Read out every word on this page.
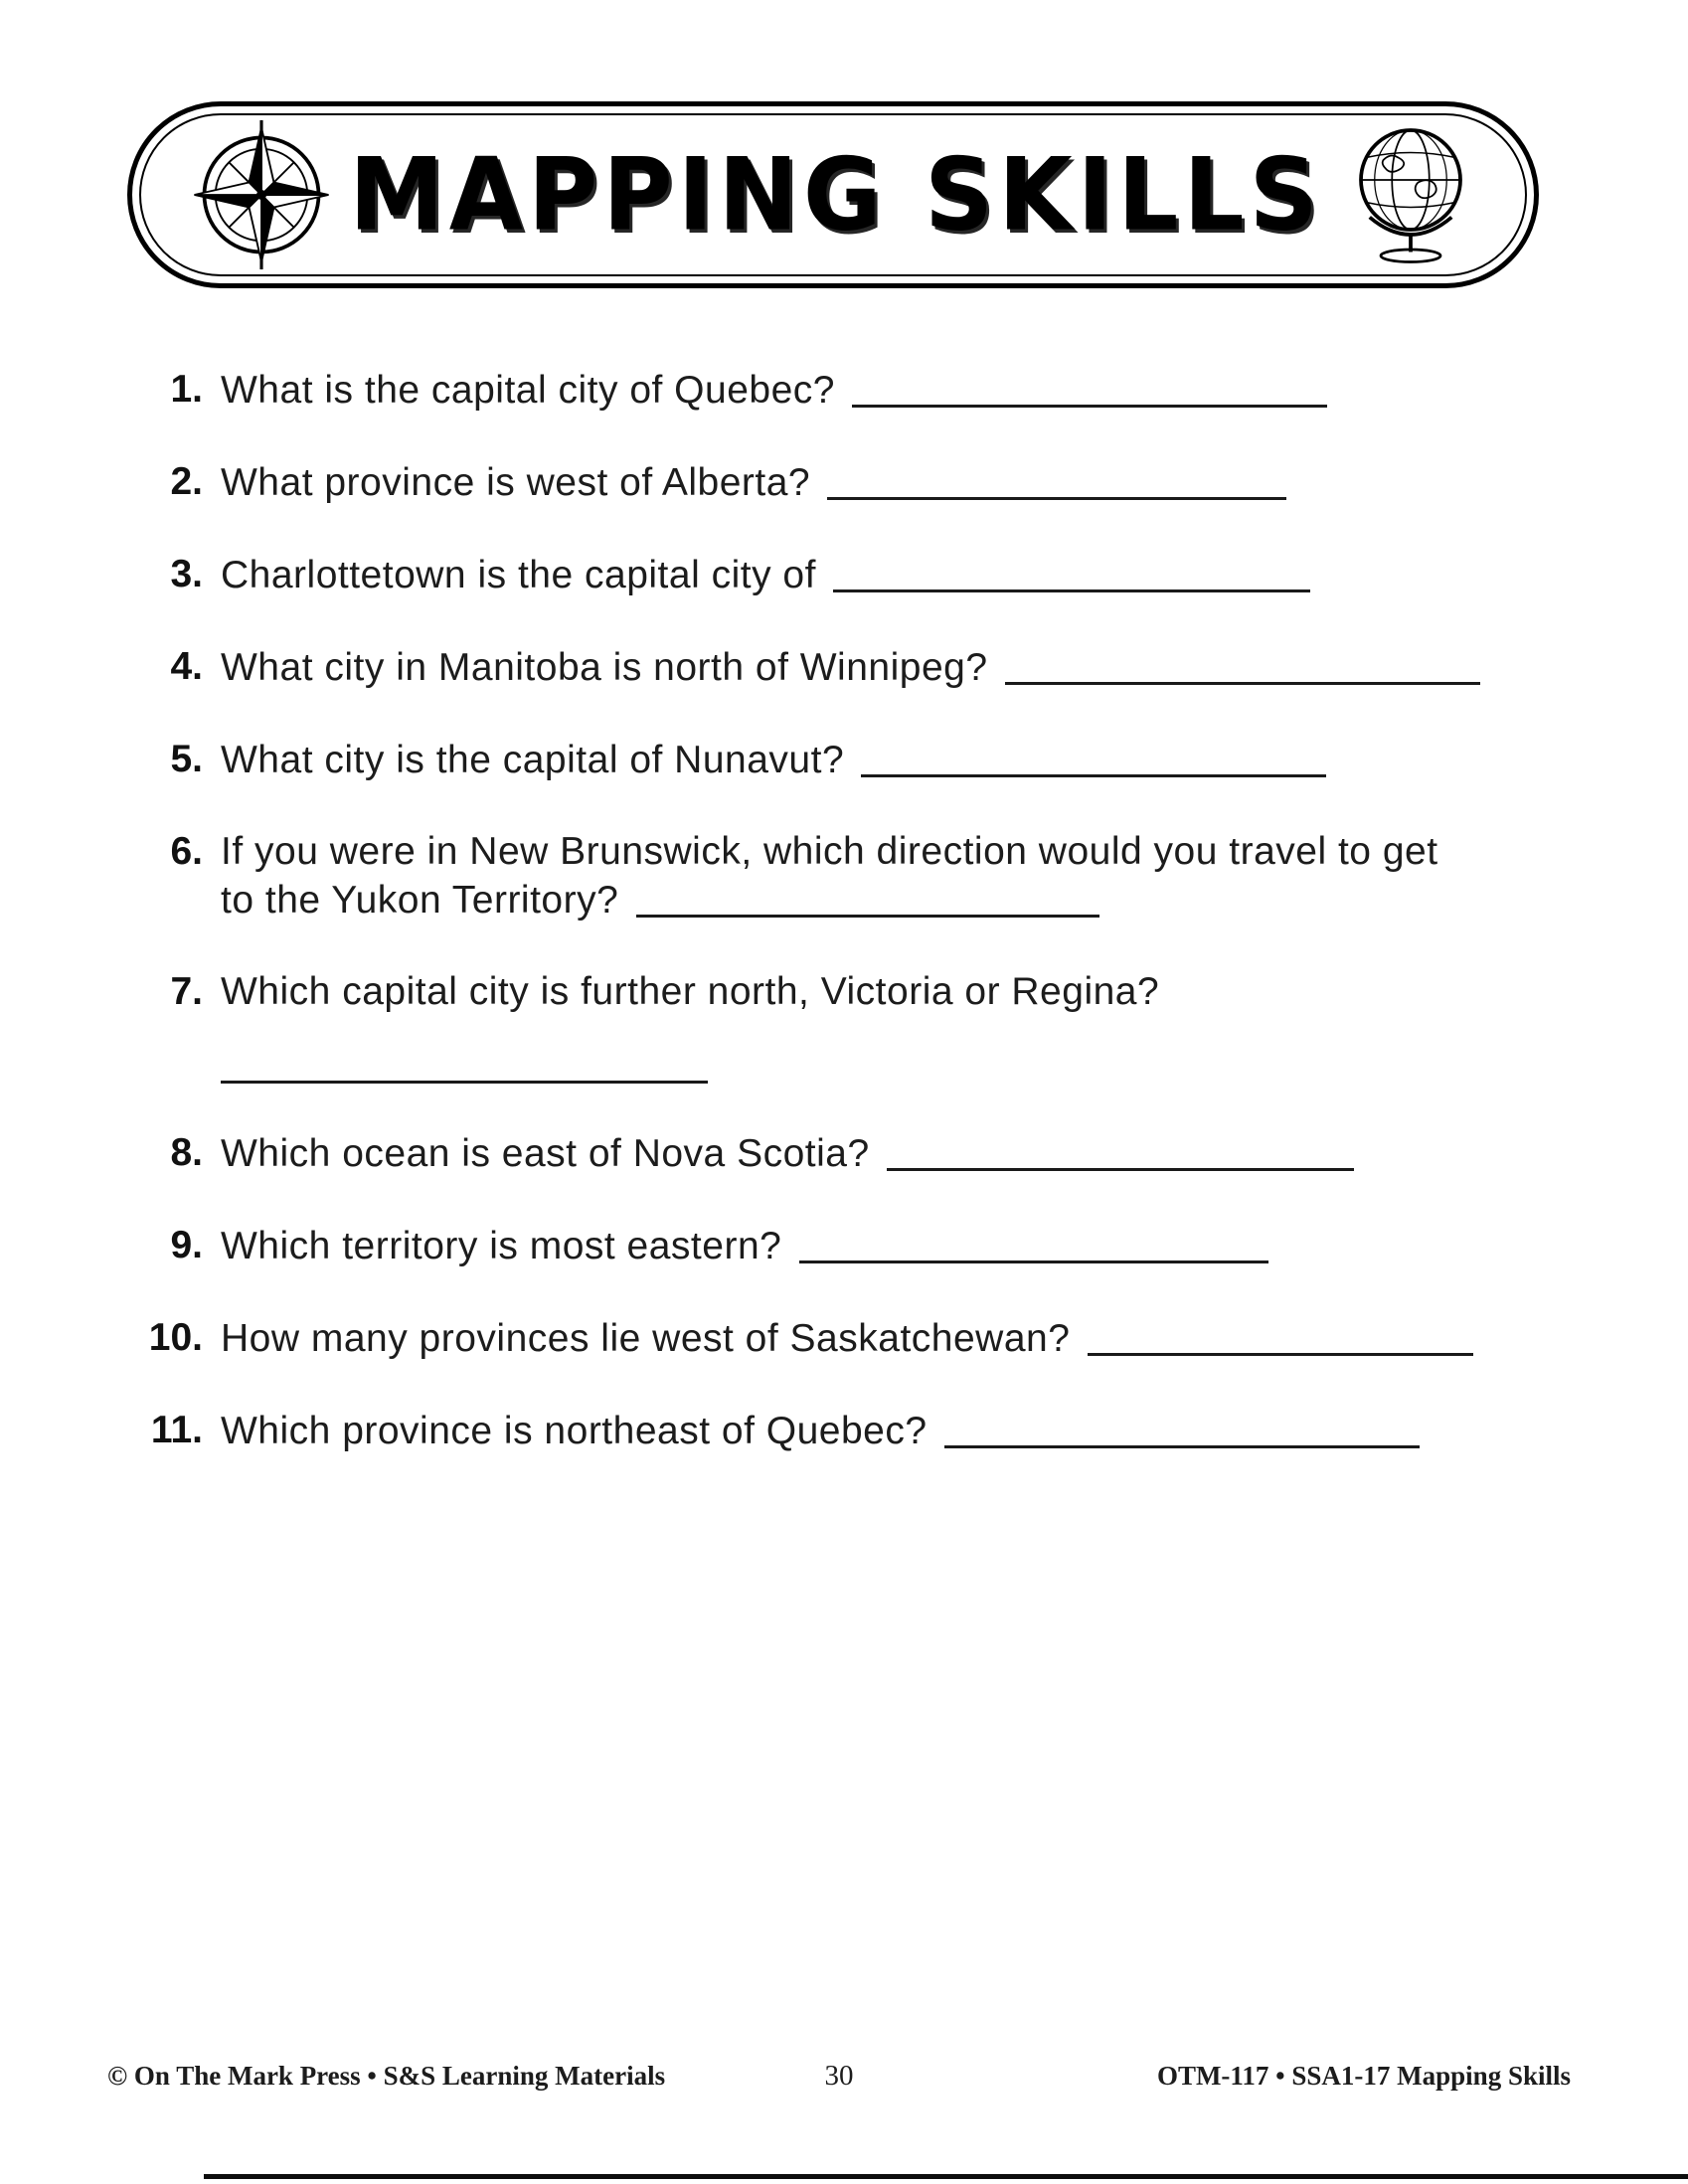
MAPPING SKILLS
1. What is the capital city of Quebec?
2. What province is west of Alberta?
3. Charlottetown is the capital city of
4. What city in Manitoba is north of Winnipeg?
5. What city is the capital of Nunavut?
6. If you were in New Brunswick, which direction would you travel to get
to the Yukon Territory?
7. Which capital city is further north, Victoria or Regina?
8. Which ocean is east of Nova Scotia?
9. Which territory is most eastern?
10. How many provinces lie west of Saskatchewan?
11. Which province is northeast of Quebec?
© On The Mark Press • S&S Learning Materials	30	OTM-117 • SSA1-17 Mapping Skills
